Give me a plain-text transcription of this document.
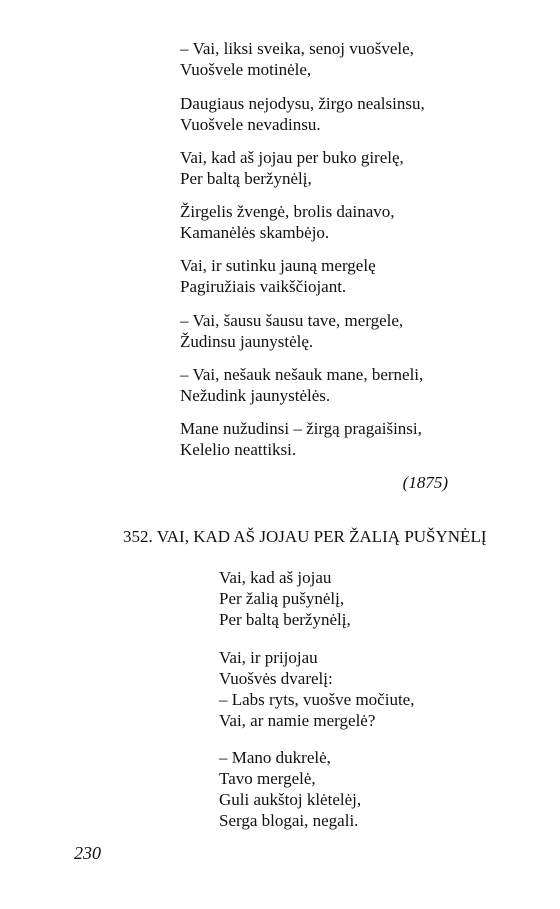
– Vai, liksi sveika, senoj vuošvele,
Vuošvele motinėle,
Daugiaus nejodysu, žirgo nealsinsu,
Vuošvele nevadinsu.
Vai, kad aš jojau per buko girelę,
Per baltą beržynėlį,
Žirgelis žvengė, brolis dainavo,
Kamanėlės skambėjo.
Vai, ir sutinku jauną mergelę
Pagiružiais vaikščiojant.
– Vai, šausu šausu tave, mergele,
Žudinsu jaunystėlę.
– Vai, nešauk nešauk mane, berneli,
Nežudink jaunystėlės.
Mane nužudinsi – žirgą pragaišinsi,
Kelelio neattiksi.
(1875)
352. VAI, KAD AŠ JOJAU PER ŽALIĄ PUŠYNĖLĮ
Vai, kad aš jojau
Per žalią pušynėlį,
Per baltą beržynėlį,
Vai, ir prijojau
Vuošvės dvarelį:
– Labs ryts, vuošve močiute,
Vai, ar namie mergelė?
– Mano dukrelė,
Tavo mergelė,
Guli aukštoj klėtelėj,
Serga blogai, negali.
230
